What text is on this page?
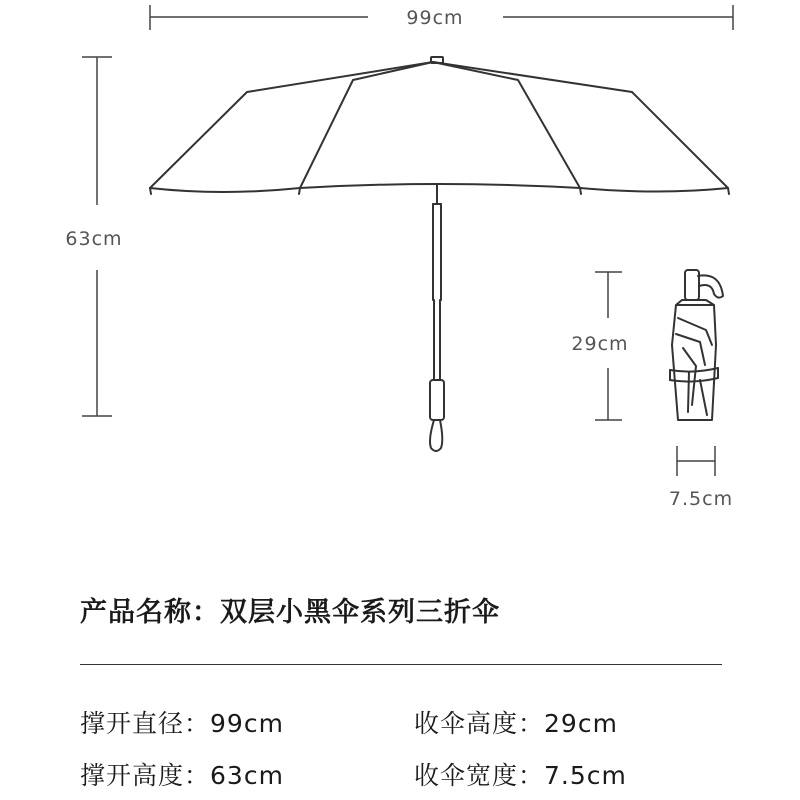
99cm
63cm
29cm
7.5cm
产品名称：双层小黑伞系列三折伞
撑开直径：99cm	收伞高度：29cm
撑开高度：63cm	收伞宽度：7.5cm
